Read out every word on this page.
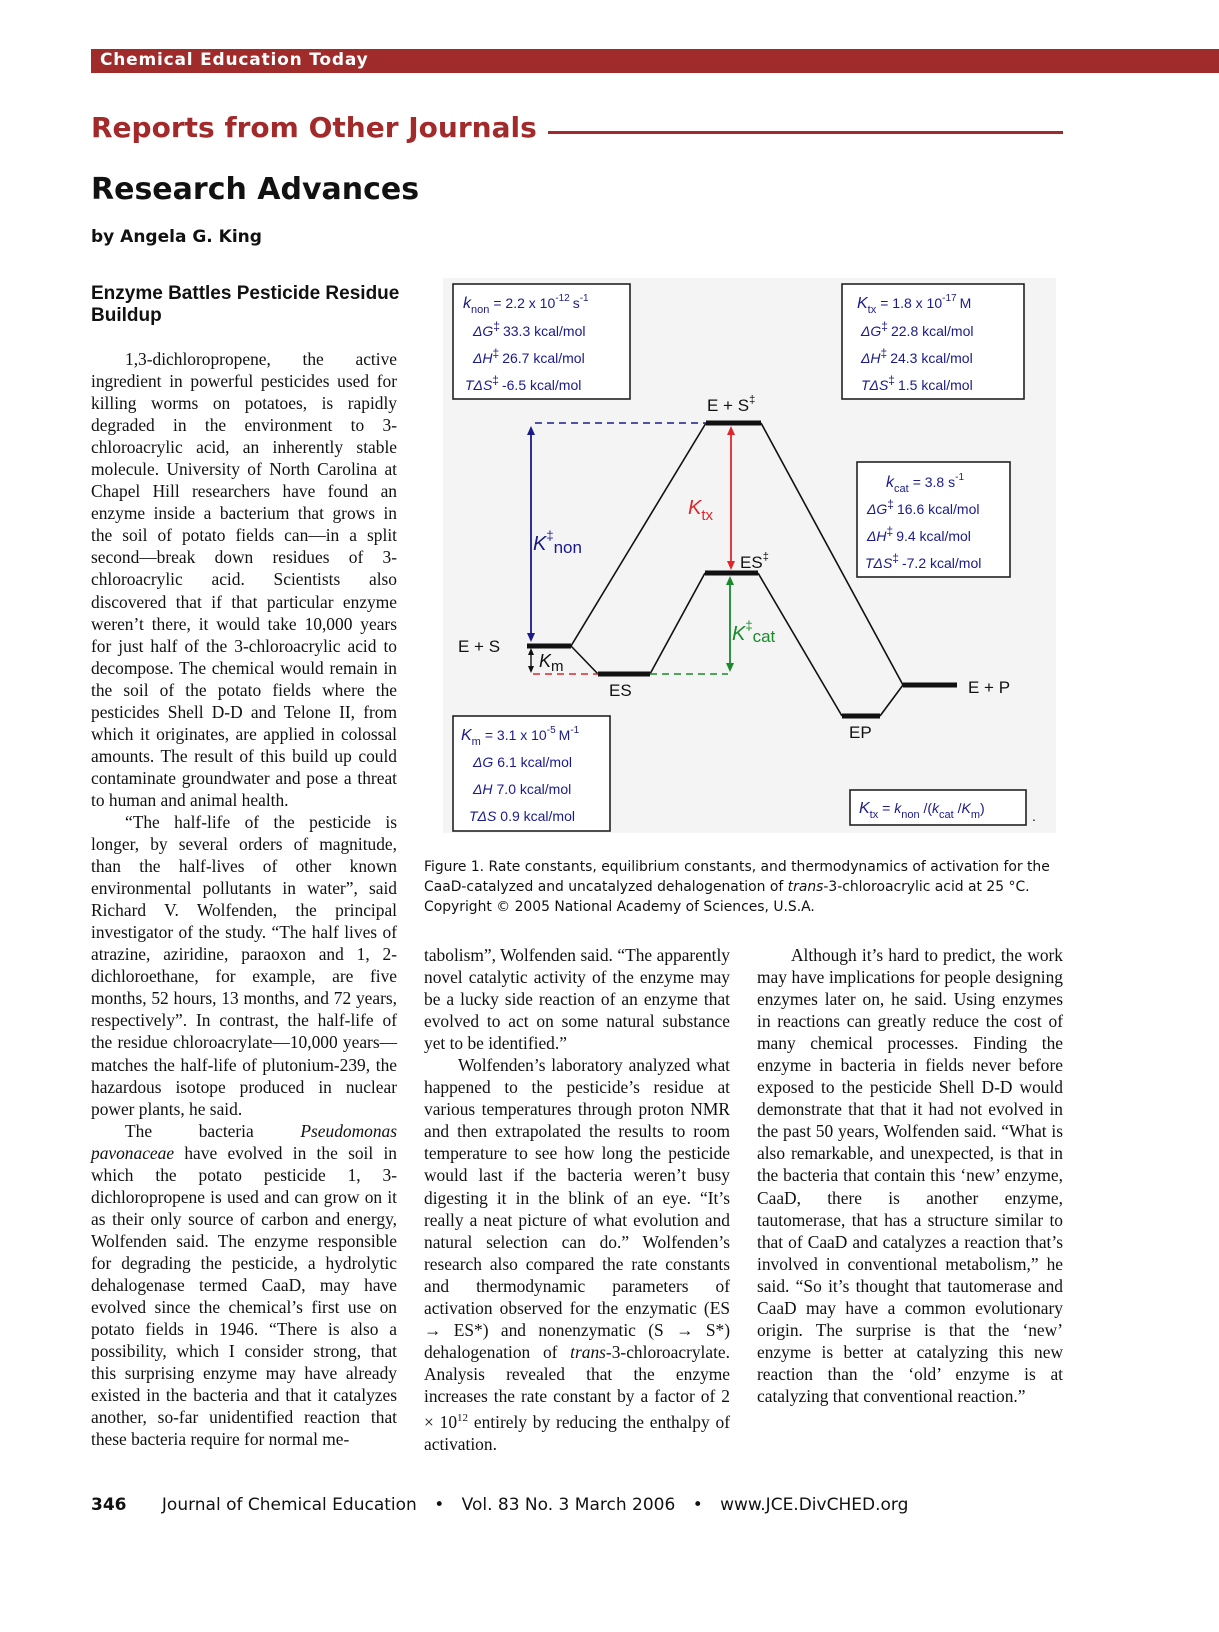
Chemical Education Today
Reports from Other Journals
Research Advances
by Angela G. King
Enzyme Battles Pesticide Residue Buildup

1,3-dichloropropene, the active ingredient in powerful pesticides used for killing worms on potatoes, is rapidly degraded in the environment to 3-chloroacrylic acid, an inherently stable molecule. University of North Carolina at Chapel Hill researchers have found an enzyme inside a bacterium that grows in the soil of potato fields can—in a split second—break down residues of 3-chloroacrylic acid. Scientists also discovered that if that particular enzyme weren’t there, it would take 10,000 years for just half of the 3-chloroacrylic acid to decompose. The chemical would remain in the soil of the potato fields where the pesticides Shell D-D and Telone II, from which it originates, are applied in colossal amounts. The result of this build up could contaminate groundwater and pose a threat to human and animal health.

“The half-life of the pesticide is longer, by several orders of magnitude, than the half-lives of other known environmental pollutants in water”, said Richard V. Wolfenden, the principal investigator of the study. “The half lives of atrazine, aziridine, paraoxon and 1, 2-dichloroethane, for example, are five months, 52 hours, 13 months, and 72 years, respectively”. In contrast, the half-life of the residue chloroacrylate—10,000 years—matches the half-life of plutonium-239, the hazardous isotope produced in nuclear power plants, he said.

The bacteria Pseudomonas pavonaceae have evolved in the soil in which the potato pesticide 1, 3-dichloropropene is used and can grow on it as their only source of carbon and energy, Wolfenden said. The enzyme responsible for degrading the pesticide, a hydrolytic dehalogenase termed CaaD, may have evolved since the chemical’s first use on potato fields in 1946. “There is also a possibility, which I consider strong, that this surprising enzyme may have already existed in the bacteria and that it catalyzes another, so-far unidentified reaction that these bacteria require for normal me-

tabolism”, Wolfenden said. “The apparently novel catalytic activity of the enzyme may be a lucky side reaction of an enzyme that evolved to act on some natural substance yet to be identified.”

Wolfenden’s laboratory analyzed what happened to the pesticide’s residue at various temperatures through proton NMR and then extrapolated the results to room temperature to see how long the pesticide would last if the bacteria weren’t busy digesting it in the blink of an eye. “It’s really a neat picture of what evolution and natural selection can do.” Wolfenden’s research also compared the rate constants and thermodynamic parameters of activation observed for the enzymatic (ES → ES*) and nonenzymatic (S → S*) dehalogenation of trans-3-chloroacrylate. Analysis revealed that the enzyme increases the rate constant by a factor of $2 \times 10^{12}$ entirely by reducing the enthalpy of activation.

Although it’s hard to predict, the work may have implications for people designing enzymes later on, he said. Using enzymes in reactions can greatly reduce the cost of many chemical processes. Finding the enzyme in bacteria in fields never before exposed to the pesticide Shell D-D would demonstrate that that it had not evolved in the past 50 years, Wolfenden said. “What is also remarkable, and unexpected, is that in the bacteria that contain this ‘new’ enzyme, CaaD, there is another enzyme, tautomerase, that has a structure similar to that of CaaD and catalyzes a reaction that’s involved in conventional metabolism,” he said. “So it’s thought that tautomerase and CaaD may have a common evolutionary origin. The surprise is that the ‘new’ enzyme is better at catalyzing this new reaction than the ‘old’ enzyme is at catalyzing that conventional reaction.”

$K^\ddagger_{non}$
$K_{tx}$
$K^\ddagger_{cat}$
$K_m$
E + S
E + S‡
ES‡
ES
EP
E + P
$k_{non} = 2.2$ x $10^{-12}$ $s^{-1}$
ΔG‡ 33.3 kcal/mol
ΔH‡ 26.7 kcal/mol
TΔS‡ -6.5 kcal/mol
$K_{tx} = 1.8$ x $10^{-17}$ M
ΔG‡ 22.8 kcal/mol
ΔH‡ 24.3 kcal/mol
TΔS‡ 1.5 kcal/mol
$k_{cat} = 3.8$ $s^{-1}$
ΔG‡ 16.6 kcal/mol
ΔH‡ 9.4 kcal/mol
TΔS‡ -7.2 kcal/mol
$K_m = 3.1$ x $10^{-5}$ $M^{-1}$
ΔG 6.1 kcal/mol
ΔH 7.0 kcal/mol
TΔS 0.9 kcal/mol	$K_{tx} = k_{non}$ $/(k_{cat}$ $/K_m$)	.
Figure 1. Rate constants, equilibrium constants, and thermodynamics of activation for the CaaD-catalyzed and uncatalyzed dehalogenation of trans-3-chloroacrylic acid at 25 °C. Copyright © 2005 National Academy of Sciences, U.S.A.
346 Journal of Chemical Education • Vol. 83 No. 3 March 2006 • www.JCE.DivCHED.org
